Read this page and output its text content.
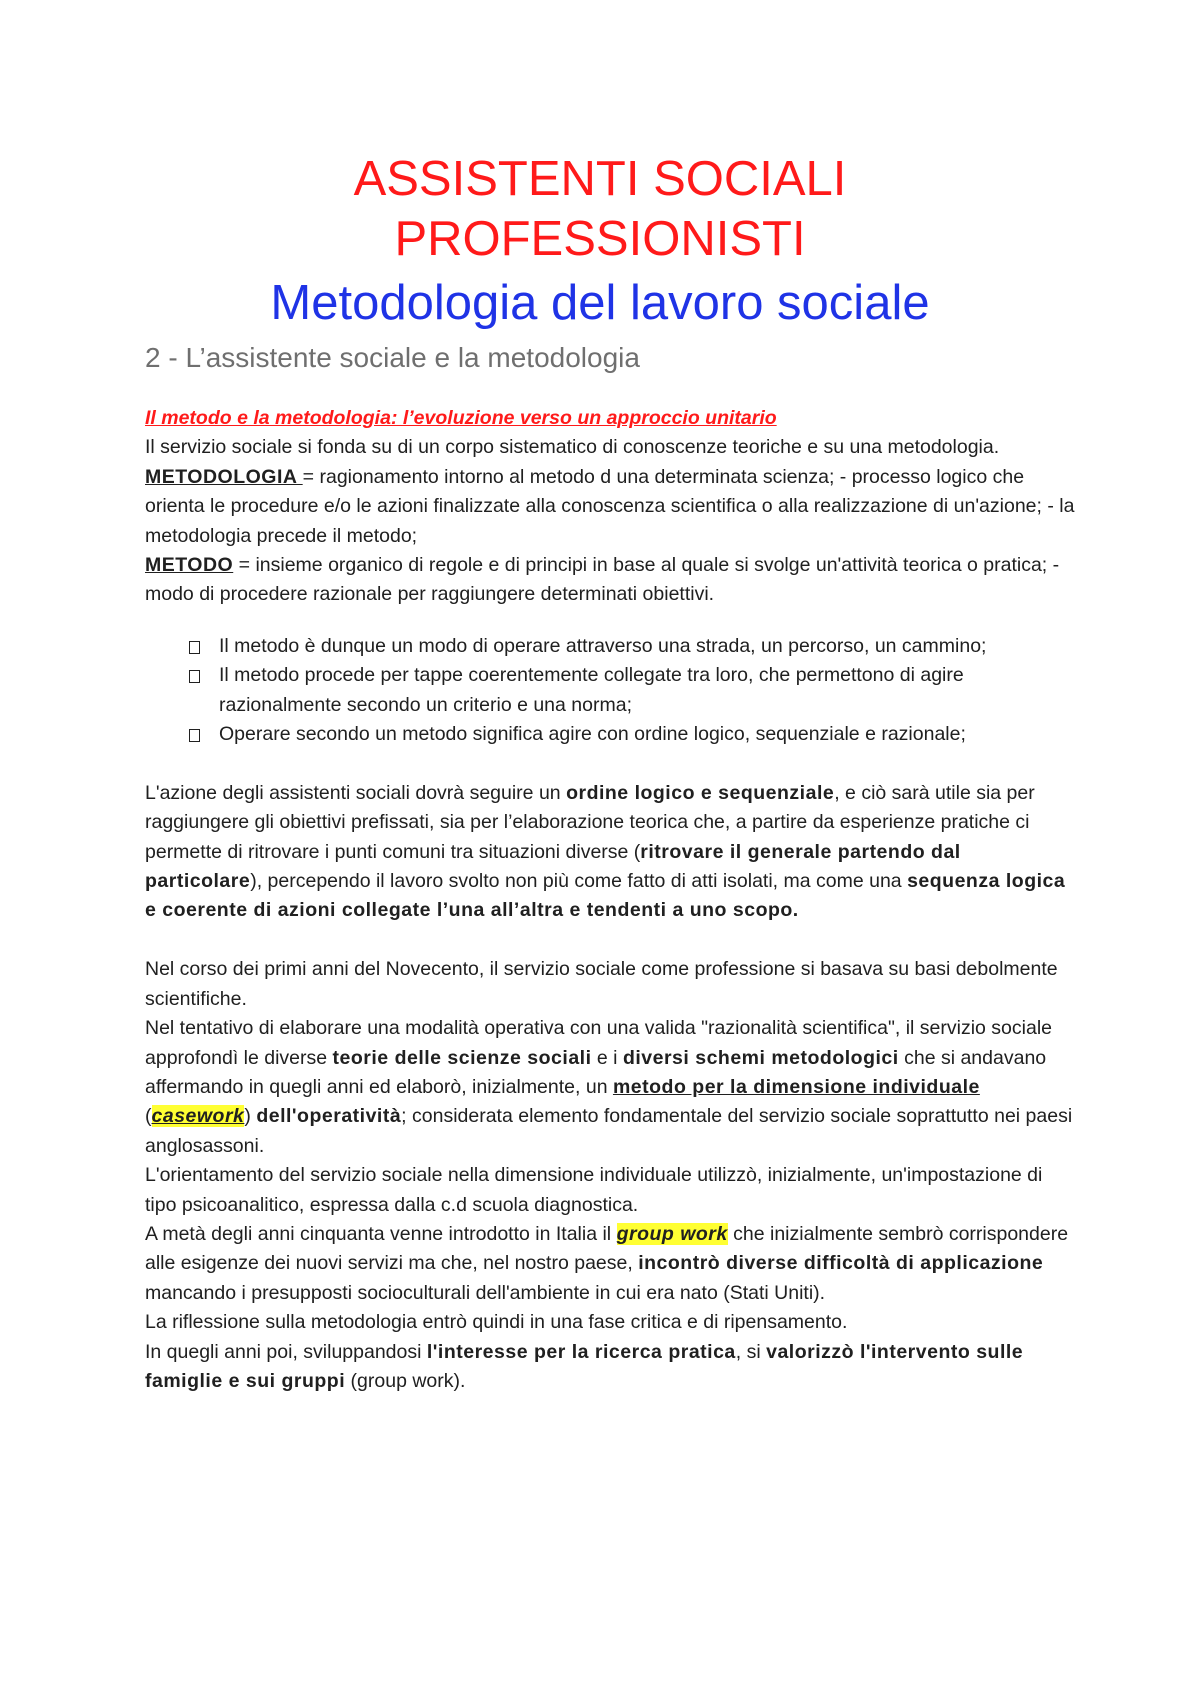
ASSISTENTI SOCIALI
PROFESSIONISTI
Metodologia del lavoro sociale
2 - L’assistente sociale e la metodologia

Il metodo e la metodologia: l’evoluzione verso un approccio unitario

Il servizio sociale si fonda su di un corpo sistematico di conoscenze teoriche e su una metodologia.

METODOLOGIA = ragionamento intorno al metodo d una determinata scienza; - processo logico che orienta le procedure e/o le azioni finalizzate alla conoscenza scientifica o alla realizzazione di un'azione; - la metodologia precede il metodo;

METODO = insieme organico di regole e di principi in base al quale si svolge un'attività teorica o pratica; - modo di procedere razionale per raggiungere determinati obiettivi.

Il metodo è dunque un modo di operare attraverso una strada, un percorso, un cammino;
Il metodo procede per tappe coerentemente collegate tra loro, che permettono di agire razionalmente secondo un criterio e una norma;
Operare secondo un metodo significa agire con ordine logico, sequenziale e razionale;

L'azione degli assistenti sociali dovrà seguire un ordine logico e sequenziale, e ciò sarà utile sia per raggiungere gli obiettivi prefissati, sia per l’elaborazione teorica che, a partire da esperienze pratiche ci permette di ritrovare i punti comuni tra situazioni diverse (ritrovare il generale partendo dal particolare), percependo il lavoro svolto non più come fatto di atti isolati, ma come una sequenza logica e coerente di azioni collegate l’una all’altra e tendenti a uno scopo.

Nel corso dei primi anni del Novecento, il servizio sociale come professione si basava su basi debolmente scientifiche.

Nel tentativo di elaborare una modalità operativa con una valida "razionalità scientifica", il servizio sociale approfondì le diverse teorie delle scienze sociali e i diversi schemi metodologici che si andavano affermando in quegli anni ed elaborò, inizialmente, un metodo per la dimensione individuale (casework) dell'operatività; considerata elemento fondamentale del servizio sociale soprattutto nei paesi anglosassoni.

L'orientamento del servizio sociale nella dimensione individuale utilizzò, inizialmente, un'impostazione di tipo psicoanalitico, espressa dalla c.d scuola diagnostica.

A metà degli anni cinquanta venne introdotto in Italia il group work che inizialmente sembrò corrispondere alle esigenze dei nuovi servizi ma che, nel nostro paese, incontrò diverse difficoltà di applicazione mancando i presupposti socioculturali dell'ambiente in cui era nato (Stati Uniti).

La riflessione sulla metodologia entrò quindi in una fase critica e di ripensamento.

In quegli anni poi, sviluppandosi l'interesse per la ricerca pratica, si valorizzò l'intervento sulle famiglie e sui gruppi (group work).
